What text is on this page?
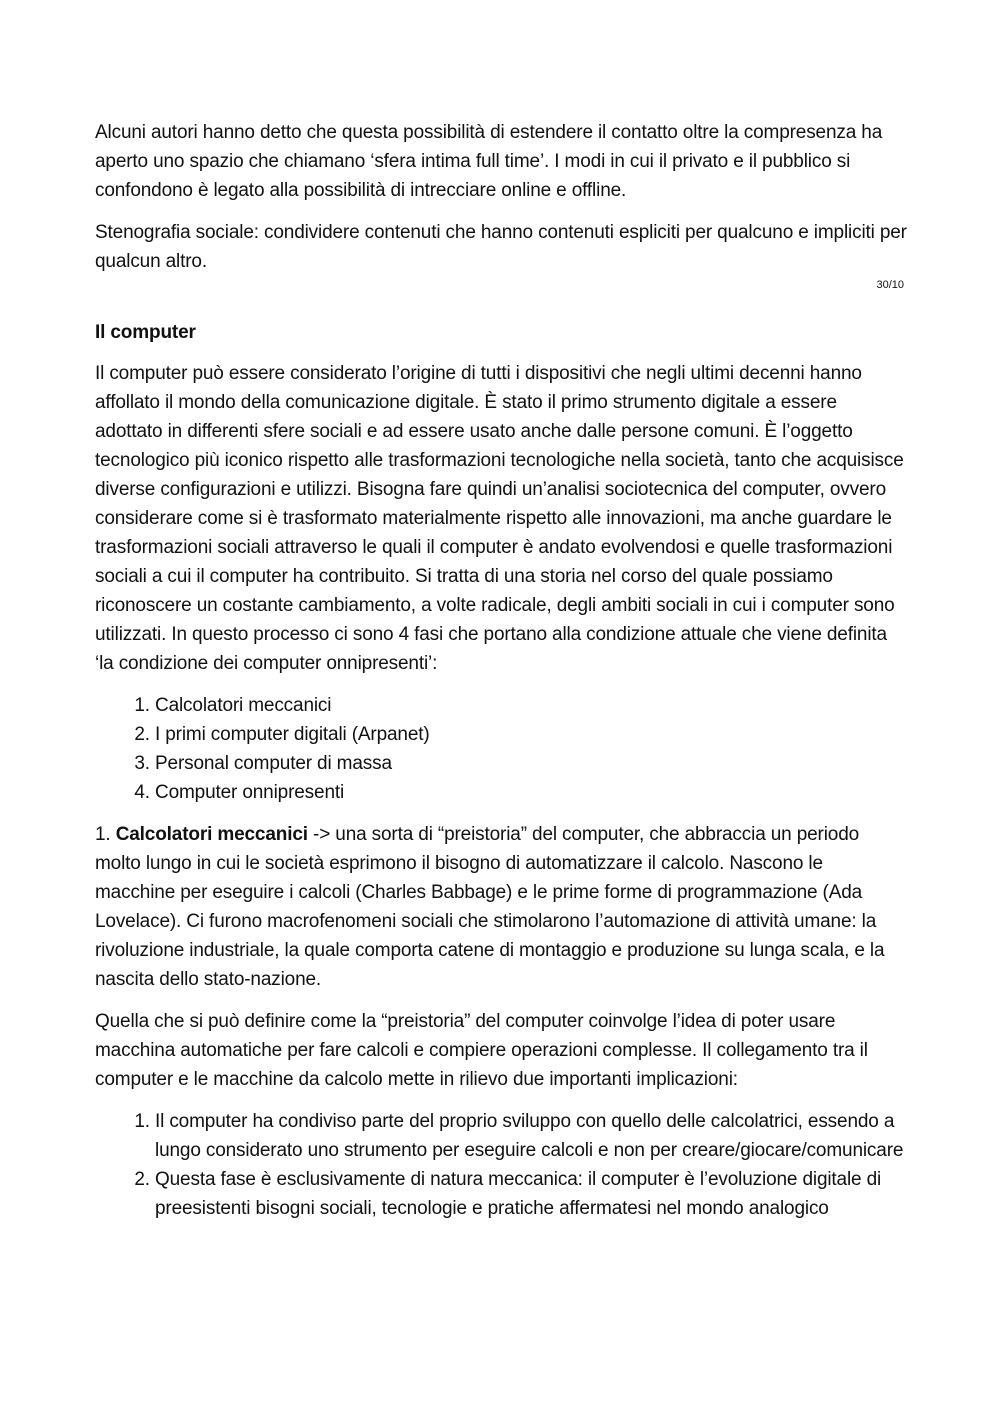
Alcuni autori hanno detto che questa possibilità di estendere il contatto oltre la compresenza ha aperto uno spazio che chiamano ‘sfera intima full time’. I modi in cui il privato e il pubblico si confondono è legato alla possibilità di intrecciare online e offline.

Stenografia sociale: condividere contenuti che hanno contenuti espliciti per qualcuno e impliciti per qualcun altro.

30/10

Il computer

Il computer può essere considerato l’origine di tutti i dispositivi che negli ultimi decenni hanno affollato il mondo della comunicazione digitale. È stato il primo strumento digitale a essere adottato in differenti sfere sociali e ad essere usato anche dalle persone comuni. È l’oggetto tecnologico più iconico rispetto alle trasformazioni tecnologiche nella società, tanto che acquisisce diverse configurazioni e utilizzi. Bisogna fare quindi un’analisi sociotecnica del computer, ovvero considerare come si è trasformato materialmente rispetto alle innovazioni, ma anche guardare le trasformazioni sociali attraverso le quali il computer è andato evolvendosi e quelle trasformazioni sociali a cui il computer ha contribuito. Si tratta di una storia nel corso del quale possiamo riconoscere un costante cambiamento, a volte radicale, degli ambiti sociali in cui i computer sono utilizzati. In questo processo ci sono 4 fasi che portano alla condizione attuale che viene definita ‘la condizione dei computer onnipresenti’:

1. Calcolatori meccanici
2. I primi computer digitali (Arpanet)
3. Personal computer di massa
4. Computer onnipresenti

1. Calcolatori meccanici -> una sorta di “preistoria” del computer, che abbraccia un periodo molto lungo in cui le società esprimono il bisogno di automatizzare il calcolo. Nascono le macchine per eseguire i calcoli (Charles Babbage) e le prime forme di programmazione (Ada Lovelace). Ci furono macrofenomeni sociali che stimolarono l’automazione di attività umane: la rivoluzione industriale, la quale comporta catene di montaggio e produzione su lunga scala, e la nascita dello stato-nazione.

Quella che si può definire come la “preistoria” del computer coinvolge l’idea di poter usare macchina automatiche per fare calcoli e compiere operazioni complesse. Il collegamento tra il computer e le macchine da calcolo mette in rilievo due importanti implicazioni:

1. Il computer ha condiviso parte del proprio sviluppo con quello delle calcolatrici, essendo a lungo considerato uno strumento per eseguire calcoli e non per creare/giocare/comunicare
2. Questa fase è esclusivamente di natura meccanica: il computer è l’evoluzione digitale di preesistenti bisogni sociali, tecnologie e pratiche affermatesi nel mondo analogico
